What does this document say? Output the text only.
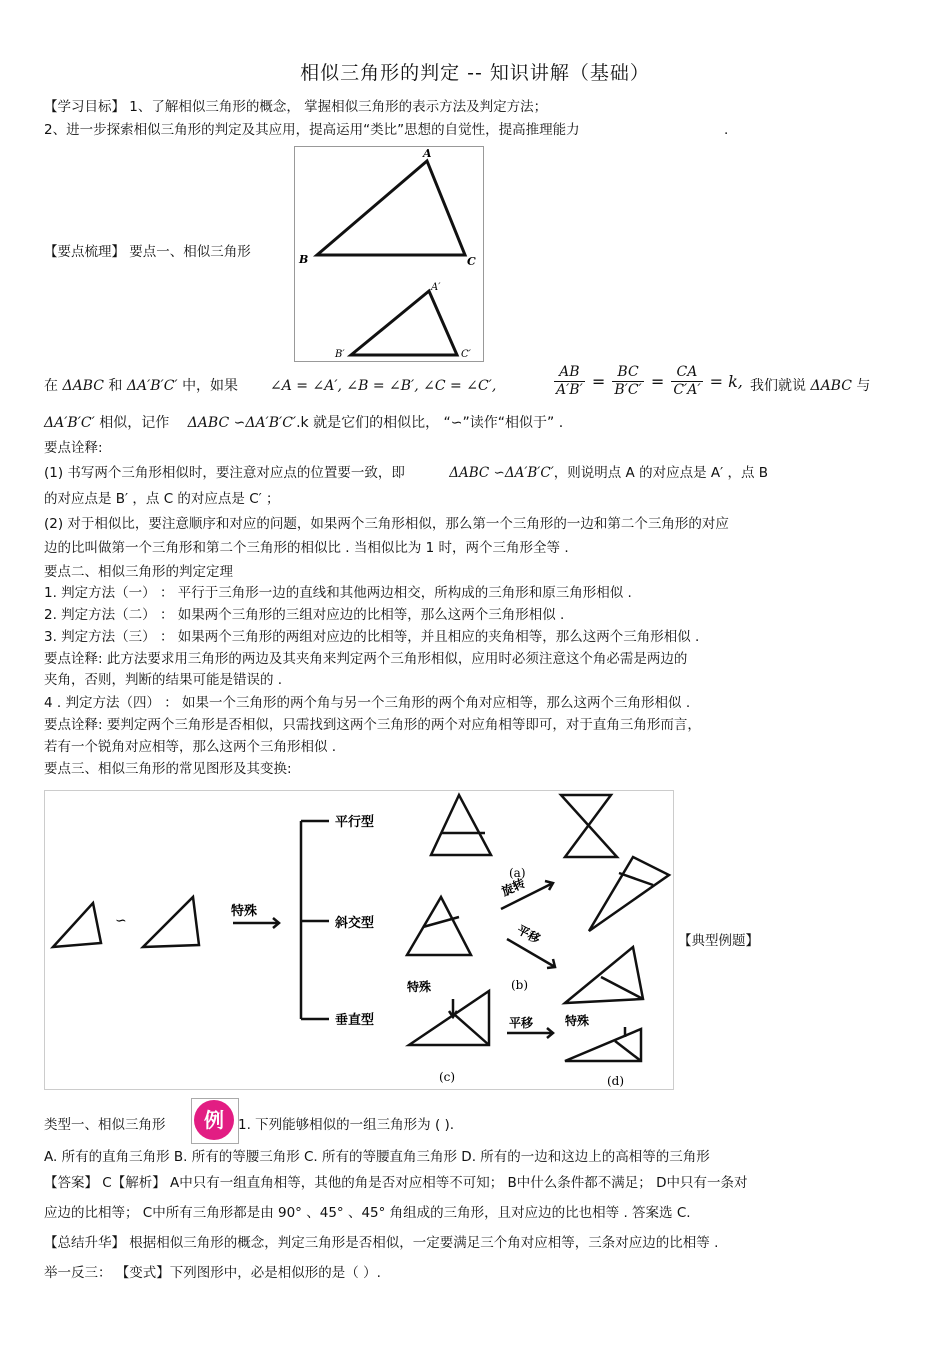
相似三角形的判定 -- 知识讲解（基础）
【学习目标】 1、了解相似三角形的概念， 掌握相似三角形的表示方法及判定方法；
2、进一步探索相似三角形的判定及其应用，提高运用“类比”思想的自觉性，提高推理能力	.
【要点梳理】 要点一、相似三角形
A
B	C
A′
B′	C′
在 ΔABC 和 ΔA′B′C′ 中，如果 ∠A = ∠A′, ∠B = ∠B′, ∠C = ∠C′,	$\frac{AB}{A'B'} = \frac{BC}{B'C'} = \frac{CA}{C'A'} = k$, 我们就说 ΔABC 与
ΔA′B′C′ 相似，记作 ΔABC ∽ΔA′B′C′.k 就是它们的相似比， “∽”读作“相似于” .
要点诠释:
(1) 书写两个三角形相似时，要注意对应点的位置要一致，即	ΔABC ∽ΔA′B′C′，则说明点 A 的对应点是 A′ ，点 B
的对应点是 B′ ，点 C 的对应点是 C′ ；
(2) 对于相似比，要注意顺序和对应的问题，如果两个三角形相似，那么第一个三角形的一边和第二个三角形的对应
边的比叫做第一个三角形和第二个三角形的相似比 . 当相似比为 1 时，两个三角形全等 .
要点二、相似三角形的判定定理
1. 判定方法（一） ： 平行于三角形一边的直线和其他两边相交，所构成的三角形和原三角形相似 .
2. 判定方法（二） ： 如果两个三角形的三组对应边的比相等，那么这两个三角形相似 .
3. 判定方法（三） ： 如果两个三角形的两组对应边的比相等，并且相应的夹角相等，那么这两个三角形相似 .
要点诠释: 此方法要求用三角形的两边及其夹角来判定两个三角形相似，应用时必须注意这个角必需是两边的
夹角，否则，判断的结果可能是错误的 .
4 . 判定方法（四） ： 如果一个三角形的两个角与另一个三角形的两个角对应相等，那么这两个三角形相似 .
要点诠释: 要判定两个三角形是否相似，只需找到这两个三角形的两个对应角相等即可，对于直角三角形而言，
若有一个锐角对应相等，那么这两个三角形相似 .
要点三、相似三角形的常见图形及其变换:
∽
特殊
平行型
斜交型
垂直型
旋转
平移
特殊
平移	特殊
(a)
(b)
(c)	(d)
【典型例题】
类型一、相似三角形	例	1. 下列能够相似的一组三角形为 ( ).
A. 所有的直角三角形 B. 所有的等腰三角形 C. 所有的等腰直角三角形 D. 所有的一边和这边上的高相等的三角形
【答案】 C【解析】 A中只有一组直角相等，其他的角是否对应相等不可知； B中什么条件都不满足； D中只有一条对
应边的比相等； C中所有三角形都是由 90° 、45° 、45° 角组成的三角形，且对应边的比也相等 . 答案选 C.
【总结升华】 根据相似三角形的概念，判定三角形是否相似，一定要满足三个角对应相等，三条对应边的比相等 .
举一反三： 【变式】下列图形中，必是相似形的是（ ）.
